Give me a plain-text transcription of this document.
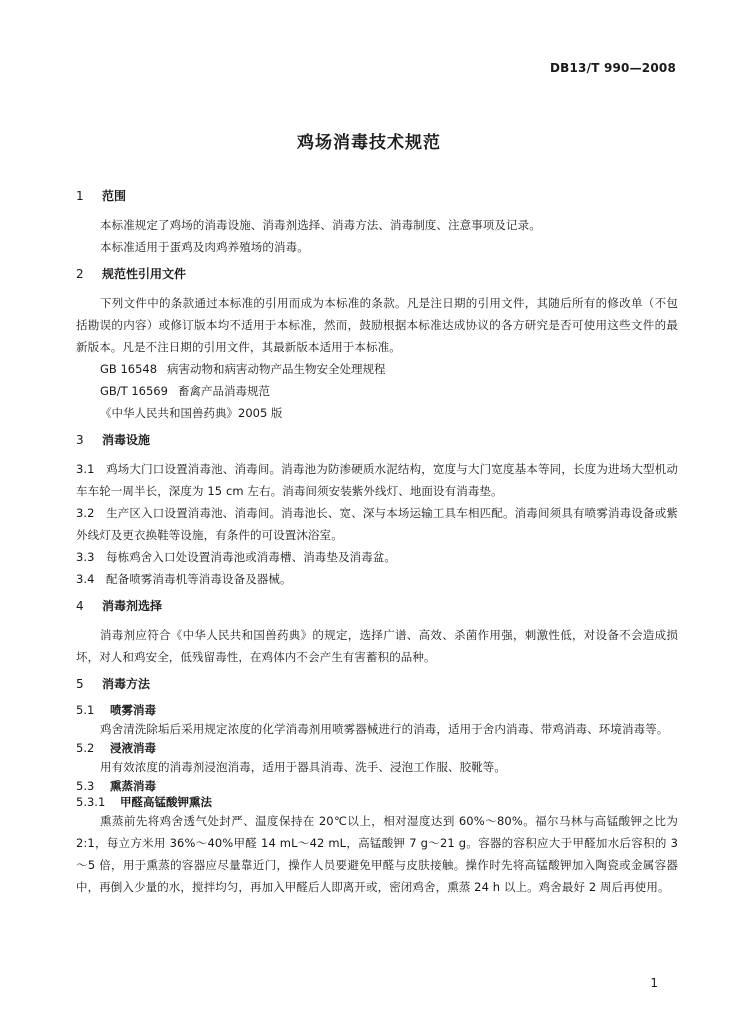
DB13/T 990—2008
鸡场消毒技术规范
1 范围

本标准规定了鸡场的消毒设施、消毒剂选择、消毒方法、消毒制度、注意事项及记录。

本标准适用于蛋鸡及肉鸡养殖场的消毒。

2 规范性引用文件

下列文件中的条款通过本标准的引用而成为本标准的条款。凡是注日期的引用文件，其随后所有的修改单（不包括勘误的内容）或修订版本均不适用于本标准，然而，鼓励根据本标准达成协议的各方研究是否可使用这些文件的最新版本。凡是不注日期的引用文件，其最新版本适用于本标准。

GB 16548 病害动物和病害动物产品生物安全处理规程

GB/T 16569 畜禽产品消毒规范

《中华人民共和国兽药典》2005 版

3 消毒设施

3.1 鸡场大门口设置消毒池、消毒间。消毒池为防渗硬质水泥结构，宽度与大门宽度基本等同，长度为进场大型机动车车轮一周半长，深度为 15 cm 左右。消毒间须安装紫外线灯、地面设有消毒垫。

3.2 生产区入口设置消毒池、消毒间。消毒池长、宽、深与本场运输工具车相匹配。消毒间须具有喷雾消毒设备或紫外线灯及更衣换鞋等设施，有条件的可设置沐浴室。

3.3 每栋鸡舍入口处设置消毒池或消毒槽、消毒垫及消毒盆。

3.4 配备喷雾消毒机等消毒设备及器械。

4 消毒剂选择

消毒剂应符合《中华人民共和国兽药典》的规定，选择广谱、高效、杀菌作用强，刺激性低，对设备不会造成损坏，对人和鸡安全，低残留毒性，在鸡体内不会产生有害蓄积的品种。

5 消毒方法
5.1 喷雾消毒

鸡舍清洗除垢后采用规定浓度的化学消毒剂用喷雾器械进行的消毒，适用于舍内消毒、带鸡消毒、环境消毒等。

5.2 浸液消毒

用有效浓度的消毒剂浸泡消毒，适用于器具消毒、洗手、浸泡工作服、胶靴等。

5.3 熏蒸消毒
5.3.1 甲醛高锰酸钾熏法

熏蒸前先将鸡舍透气处封严、温度保持在 20℃以上，相对湿度达到 60%～80%。福尔马林与高锰酸钾之比为 2:1，每立方米用 36%～40%甲醛 14 mL～42 mL，高锰酸钾 7 g～21 g。容器的容积应大于甲醛加水后容积的 3～5 倍，用于熏蒸的容器应尽量靠近门，操作人员要避免甲醛与皮肤接触。操作时先将高锰酸钾加入陶瓷或金属容器中，再倒入少量的水，搅拌均匀，再加入甲醛后人即离开或，密闭鸡舍，熏蒸 24 h 以上。鸡舍最好 2 周后再使用。

1
